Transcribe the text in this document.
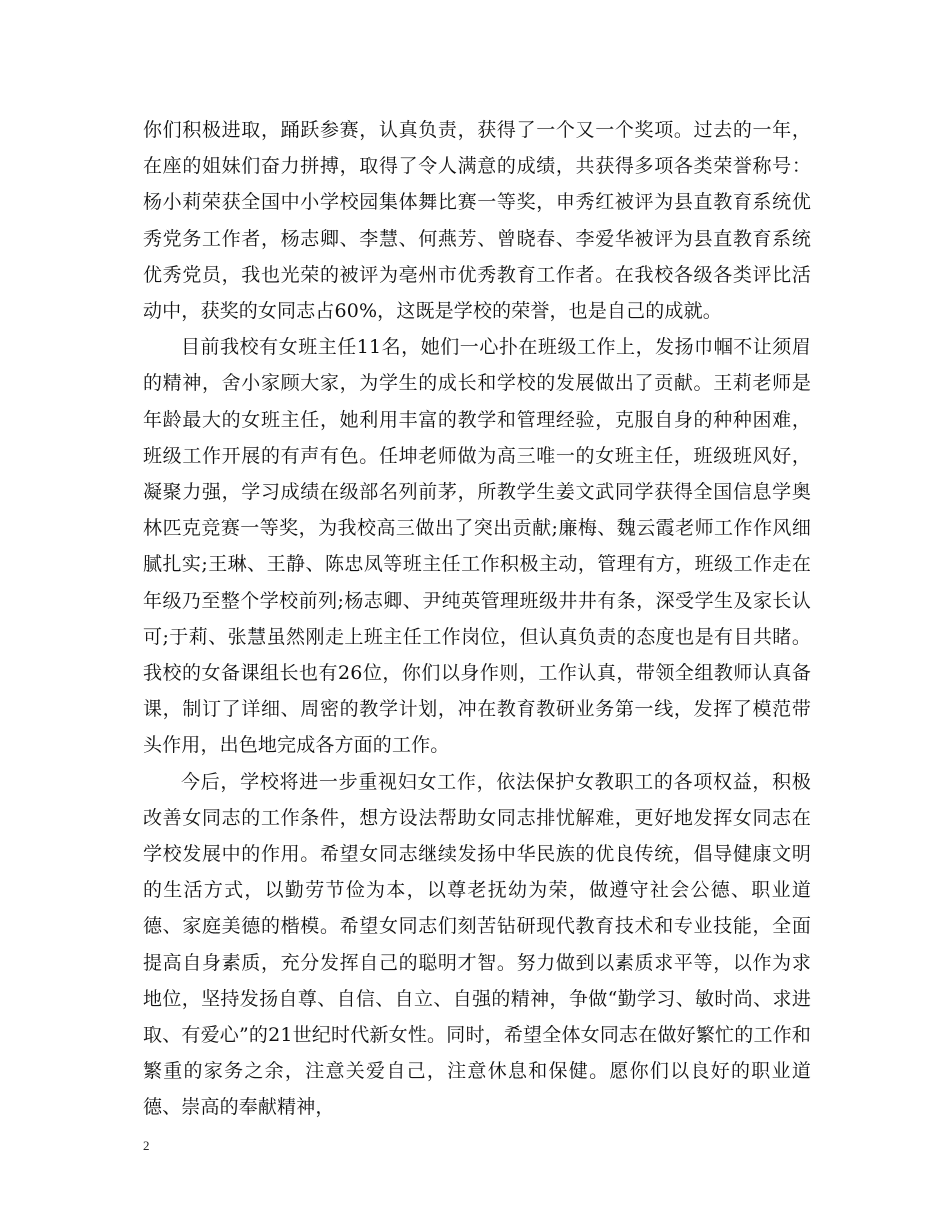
你们积极进取，踊跃参赛，认真负责，获得了一个又一个奖项。过去的一年，在座的姐妹们奋力拼搏，取得了令人满意的成绩，共获得多项各类荣誉称号：杨小莉荣获全国中小学校园集体舞比赛一等奖，申秀红被评为县直教育系统优秀党务工作者，杨志卿、李慧、何燕芳、曾晓春、李爱华被评为县直教育系统优秀党员，我也光荣的被评为亳州市优秀教育工作者。在我校各级各类评比活动中，获奖的女同志占60%，这既是学校的荣誉，也是自己的成就。

目前我校有女班主任11名，她们一心扑在班级工作上，发扬巾帼不让须眉的精神，舍小家顾大家，为学生的成长和学校的发展做出了贡献。王莉老师是年龄最大的女班主任，她利用丰富的教学和管理经验，克服自身的种种困难，班级工作开展的有声有色。任坤老师做为高三唯一的女班主任，班级班风好，凝聚力强，学习成绩在级部名列前茅，所教学生姜文武同学获得全国信息学奥林匹克竞赛一等奖，为我校高三做出了突出贡献;廉梅、魏云霞老师工作作风细腻扎实;王琳、王静、陈忠凤等班主任工作积极主动，管理有方，班级工作走在年级乃至整个学校前列;杨志卿、尹纯英管理班级井井有条，深受学生及家长认可;于莉、张慧虽然刚走上班主任工作岗位，但认真负责的态度也是有目共睹。我校的女备课组长也有26位，你们以身作则，工作认真，带领全组教师认真备课，制订了详细、周密的教学计划，冲在教育教研业务第一线，发挥了模范带头作用，出色地完成各方面的工作。

今后，学校将进一步重视妇女工作，依法保护女教职工的各项权益，积极改善女同志的工作条件，想方设法帮助女同志排忧解难，更好地发挥女同志在学校发展中的作用。希望女同志继续发扬中华民族的优良传统，倡导健康文明的生活方式，以勤劳节俭为本，以尊老抚幼为荣，做遵守社会公德、职业道德、家庭美德的楷模。希望女同志们刻苦钻研现代教育技术和专业技能，全面提高自身素质，充分发挥自己的聪明才智。努力做到以素质求平等，以作为求地位，坚持发扬自尊、自信、自立、自强的精神，争做“勤学习、敏时尚、求进取、有爱心”的21世纪时代新女性。同时，希望全体女同志在做好繁忙的工作和繁重的家务之余，注意关爱自己，注意休息和保健。愿你们以良好的职业道德、崇高的奉献精神，

2
